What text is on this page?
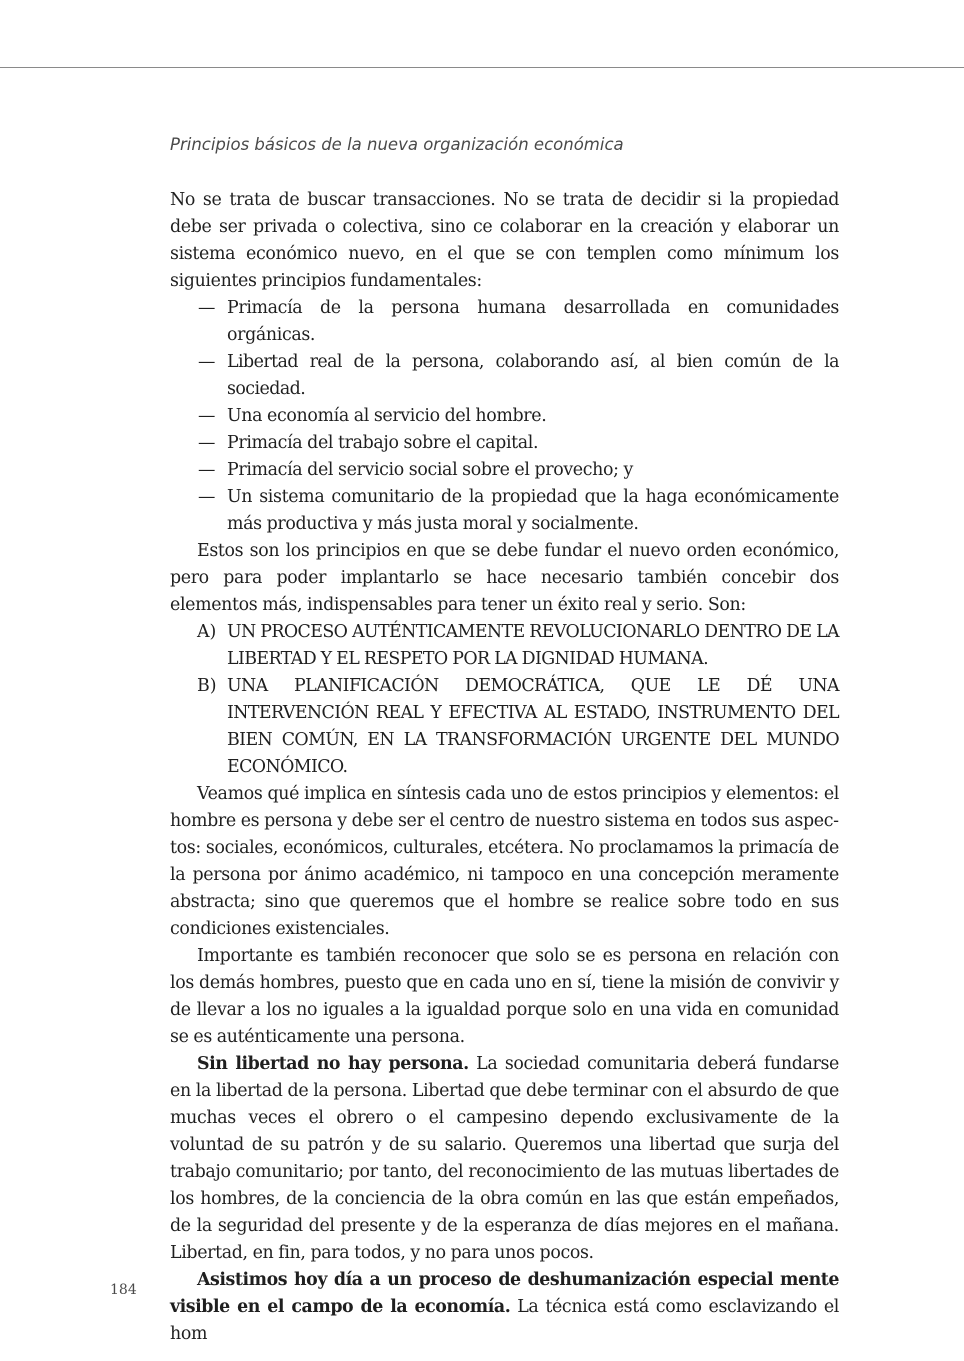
Principios básicos de la nueva organización económica

No se trata de buscar transacciones. No se trata de decidir si la propiedad debe ser privada o colectiva, sino ce colaborar en la creación y elaborar un sistema económico nuevo, en el que se con templen como mínimum los siguientes principios fundamentales:

— Primacía de la persona humana desarrollada en comunidades orgánicas.
— Libertad real de la persona, colaborando así, al bien común de la sociedad.
— Una economía al servicio del hombre.
— Primacía del trabajo sobre el capital.
— Primacía del servicio social sobre el provecho; y
— Un sistema comunitario de la propiedad que la haga económicamente más productiva y más justa moral y socialmente.

Estos son los principios en que se debe fundar el nuevo orden económico, pero para poder implantarlo se hace necesario también concebir dos elementos más, indispensables para tener un éxito real y serio. Son:

A) UN PROCESO AUTÉNTICAMENTE REVOLUCIONARLO DENTRO DE LA LIBERTAD Y EL RESPETO POR LA DIGNIDAD HUMANA.
B) UNA PLANIFICACIÓN DEMOCRÁTICA, QUE LE DÉ UNA INTERVENCIÓN REAL Y EFECTIVA AL ESTADO, INSTRUMENTO DEL BIEN COMÚN, EN LA TRANSFORMACIÓN URGENTE DEL MUNDO ECONÓMICO.

Veamos qué implica en síntesis cada uno de estos principios y elementos: el hombre es persona y debe ser el centro de nuestro sistema en todos sus aspectos: sociales, económicos, culturales, etcétera. No proclamamos la primacía de la persona por ánimo académico, ni tampoco en una concepción meramente abstracta; sino que queremos que el hombre se realice sobre todo en sus condiciones existenciales.

Importante es también reconocer que solo se es persona en relación con los demás hombres, puesto que en cada uno en sí, tiene la misión de convivir y de llevar a los no iguales a la igualdad porque solo en una vida en comunidad se es auténticamente una persona.

Sin libertad no hay persona. La sociedad comunitaria deberá fundarse en la libertad de la persona. Libertad que debe terminar con el absurdo de que muchas veces el obrero o el campesino dependo exclusivamente de la voluntad de su patrón y de su salario. Queremos una libertad que surja del trabajo comunitario; por tanto, del reconocimiento de las mutuas libertades de los hombres, de la conciencia de la obra común en las que están empeñados, de la seguridad del presente y de la esperanza de días mejores en el mañana. Libertad, en fin, para todos, y no para unos pocos.

Asistimos hoy día a un proceso de deshumanización especial mente visible en el campo de la economía. La técnica está como esclavizando el hom

184
